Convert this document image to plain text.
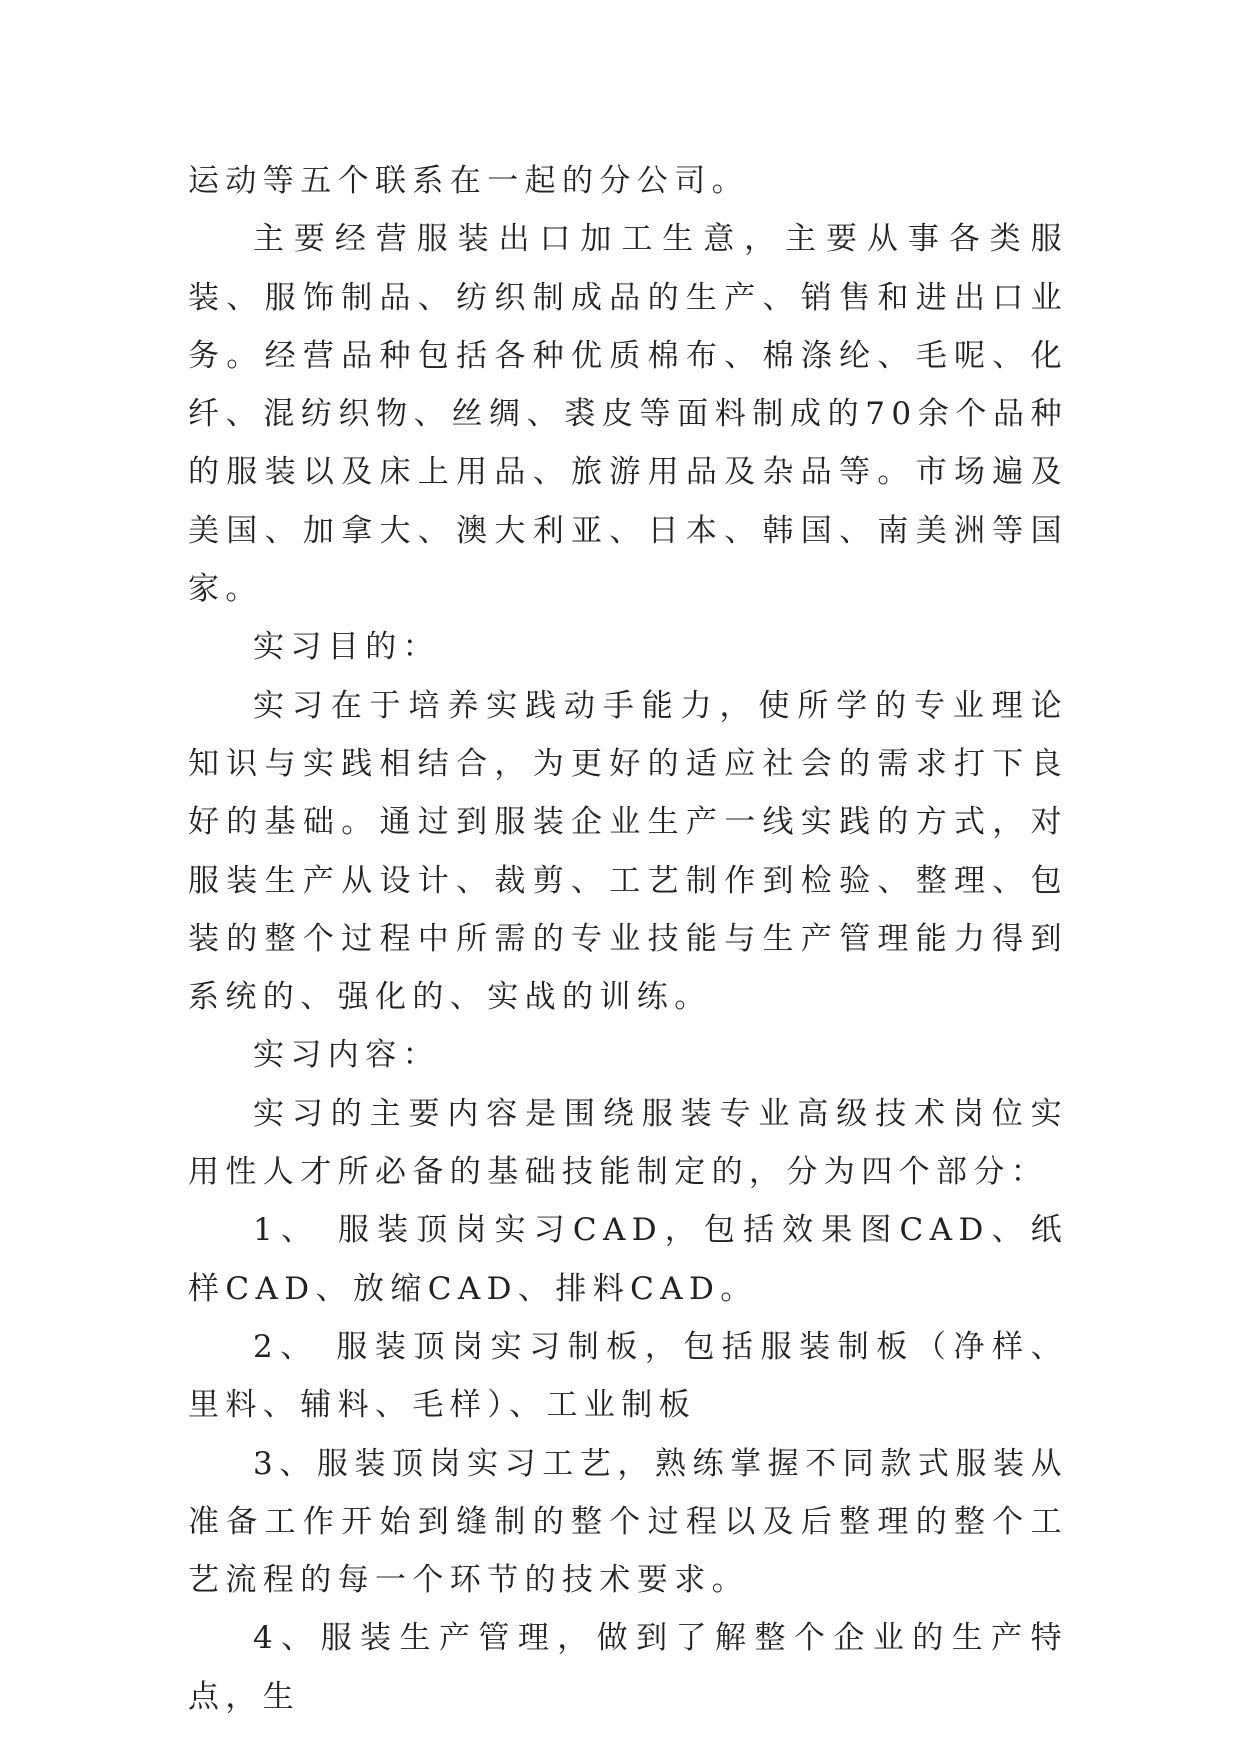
运动等五个联系在一起的分公司。

主要经营服装出口加工生意，主要从事各类服装、服饰制品、纺织制成品的生产、销售和进出口业务。经营品种包括各种优质棉布、棉涤纶、毛呢、化纤、混纺织物、丝绸、裘皮等面料制成的70余个品种的服装以及床上用品、旅游用品及杂品等。市场遍及美国、加拿大、澳大利亚、日本、韩国、南美洲等国家。

实习目的：

实习在于培养实践动手能力，使所学的专业理论知识与实践相结合，为更好的适应社会的需求打下良好的基础。通过到服装企业生产一线实践的方式，对服装生产从设计、裁剪、工艺制作到检验、整理、包装的整个过程中所需的专业技能与生产管理能力得到系统的、强化的、实战的训练。

实习内容：

实习的主要内容是围绕服装专业高级技术岗位实用性人才所必备的基础技能制定的，分为四个部分：

1、 服装顶岗实习CAD，包括效果图CAD、纸样CAD、放缩CAD、排料CAD。

2、 服装顶岗实习制板，包括服装制板（净样、里料、辅料、毛样）、工业制板

3、服装顶岗实习工艺，熟练掌握不同款式服装从准备工作开始到缝制的整个过程以及后整理的整个工艺流程的每一个环节的技术要求。

4、服装生产管理，做到了解整个企业的生产特点，生
